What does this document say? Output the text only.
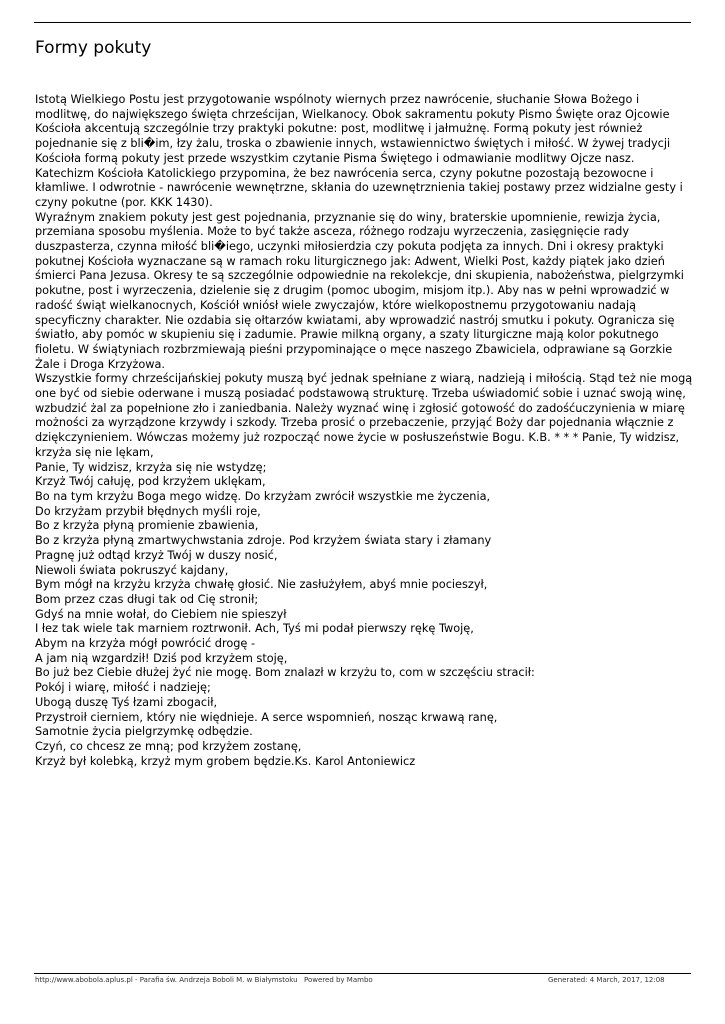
Formy pokuty

Istotą Wielkiego Postu jest przygotowanie wspólnoty wiernych przez nawrócenie, słuchanie Słowa Bożego i modlitwę, do największego święta chrześcijan, Wielkanocy. Obok sakramentu pokuty Pismo Święte oraz Ojcowie Kościoła akcentują szczególnie trzy praktyki pokutne: post, modlitwę i jałmużnę. Formą pokuty jest również pojednanie się z bli�im, łzy żalu, troska o zbawienie innych, wstawiennictwo świętych i miłość. W żywej tradycji Kościoła formą pokuty jest przede wszystkim czytanie Pisma Świętego i odmawianie modlitwy Ojcze nasz. Katechizm Kościoła Katolickiego przypomina, że bez nawrócenia serca, czyny pokutne pozostają bezowocne i kłamliwe. I odwrotnie - nawrócenie wewnętrzne, skłania do uzewnętrznienia takiej postawy przez widzialne gesty i czyny pokutne (por. KKK 1430).

Wyraźnym znakiem pokuty jest gest pojednania, przyznanie się do winy, braterskie upomnienie, rewizja życia, przemiana sposobu myślenia. Może to być także asceza, różnego rodzaju wyrzeczenia, zasięgnięcie rady duszpasterza, czynna miłość bli�iego, uczynki miłosierdzia czy pokuta podjęta za innych. Dni i okresy praktyki pokutnej Kościoła wyznaczane są w ramach roku liturgicznego jak: Adwent, Wielki Post, każdy piątek jako dzień śmierci Pana Jezusa. Okresy te są szczególnie odpowiednie na rekolekcje, dni skupienia, nabożeństwa, pielgrzymki pokutne, post i wyrzeczenia, dzielenie się z drugim (pomoc ubogim, misjom itp.). Aby nas w pełni wprowadzić w radość świąt wielkanocnych, Kościół wniósł wiele zwyczajów, które wielkopostnemu przygotowaniu nadają specyficzny charakter. Nie ozdabia się ołtarzów kwiatami, aby wprowadzić nastrój smutku i pokuty. Ogranicza się światło, aby pomóc w skupieniu się i zadumie. Prawie milkną organy, a szaty liturgiczne mają kolor pokutnego fioletu. W świątyniach rozbrzmiewają pieśni przypominające o męce naszego Zbawiciela, odprawiane są Gorzkie Żale i Droga Krzyżowa.

Wszystkie formy chrześcijańskiej pokuty muszą być jednak spełniane z wiarą, nadzieją i miłością. Stąd też nie mogą one być od siebie oderwane i muszą posiadać podstawową strukturę. Trzeba uświadomić sobie i uznać swoją winę, wzbudzić żal za popełnione zło i zaniedbania. Należy wyznać winę i zgłosić gotowość do zadośćuczynienia w miarę możności za wyrządzone krzywdy i szkody. Trzeba prosić o przebaczenie, przyjąć Boży dar pojednania włącznie z dziękczynieniem. Wówczas możemy już rozpocząć nowe życie w posłuszeństwie Bogu. K.B. * * * Panie, Ty widzisz, krzyża się nie lękam,

Panie, Ty widzisz, krzyża się nie wstydzę;

Krzyż Twój całuję, pod krzyżem uklękam,

Bo na tym krzyżu Boga mego widzę. Do krzyżam zwrócił wszystkie me życzenia,

Do krzyżam przybił błędnych myśli roje,

Bo z krzyża płyną promienie zbawienia,

Bo z krzyża płyną zmartwychwstania zdroje. Pod krzyżem świata stary i złamany

Pragnę już odtąd krzyż Twój w duszy nosić,

Niewoli świata pokruszyć kajdany,

Bym mógł na krzyżu krzyża chwałę głosić. Nie zasłużyłem, abyś mnie pocieszył,

Bom przez czas długi tak od Cię stronił;

Gdyś na mnie wołał, do Ciebiem nie spieszył

I łez tak wiele tak marniem roztrwonił. Ach, Tyś mi podał pierwszy rękę Twoję,

Abym na krzyża mógł powrócić drogę -

A jam nią wzgardził! Dziś pod krzyżem stoję,

Bo już bez Ciebie dłużej żyć nie mogę. Bom znalazł w krzyżu to, com w szczęściu stracił:

Pokój i wiarę, miłość i nadzieję;

Ubogą duszę Tyś łzami zbogacił,

Przystroił cierniem, który nie więdnieje. A serce wspomnień, nosząc krwawą ranę,

Samotnie życia pielgrzymkę odbędzie.

Czyń, co chcesz ze mną; pod krzyżem zostanę,

Krzyż był kolebką, krzyż mym grobem będzie.Ks. Karol Antoniewicz

http://www.abobola.aplus.pl - Parafia św. Andrzeja Boboli M. w Białymstoku Powered by Mambo	Generated: 4 March, 2017, 12:08
